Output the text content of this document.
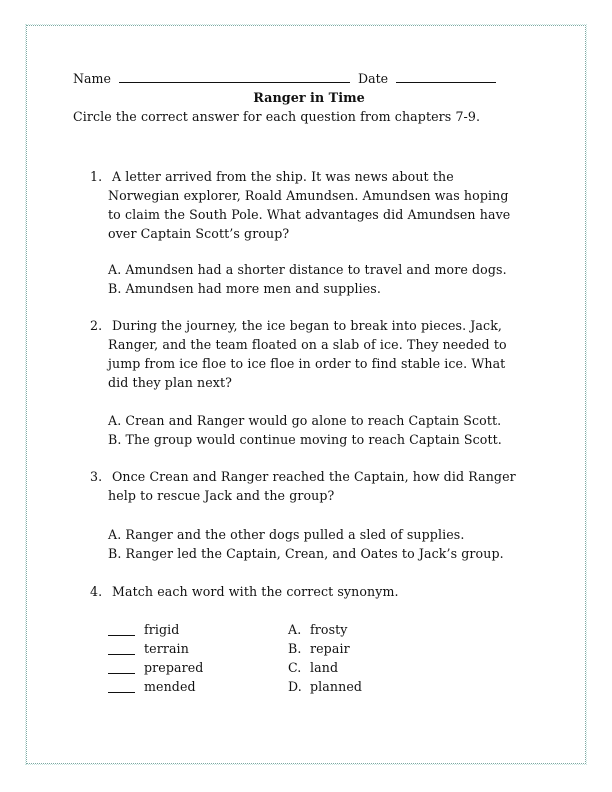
Name	Date
Ranger in Time
Circle the correct answer for each question from chapters 7-9.
1. A letter arrived from the ship. It was news about the
Norwegian explorer, Roald Amundsen. Amundsen was hoping
to claim the South Pole. What advantages did Amundsen have
over Captain Scott’s group?
A. Amundsen had a shorter distance to travel and more dogs.
B. Amundsen had more men and supplies.
2. During the journey, the ice began to break into pieces. Jack,
Ranger, and the team floated on a slab of ice. They needed to
jump from ice floe to ice floe in order to find stable ice. What
did they plan next?
A. Crean and Ranger would go alone to reach Captain Scott.
B. The group would continue moving to reach Captain Scott.
3. Once Crean and Ranger reached the Captain, how did Ranger
help to rescue Jack and the group?
A. Ranger and the other dogs pulled a sled of supplies.
B. Ranger led the Captain, Crean, and Oates to Jack’s group.
4. Match each word with the correct synonym.
frigid	A. frosty
terrain	B. repair
prepared	C. land
mended	D. planned
